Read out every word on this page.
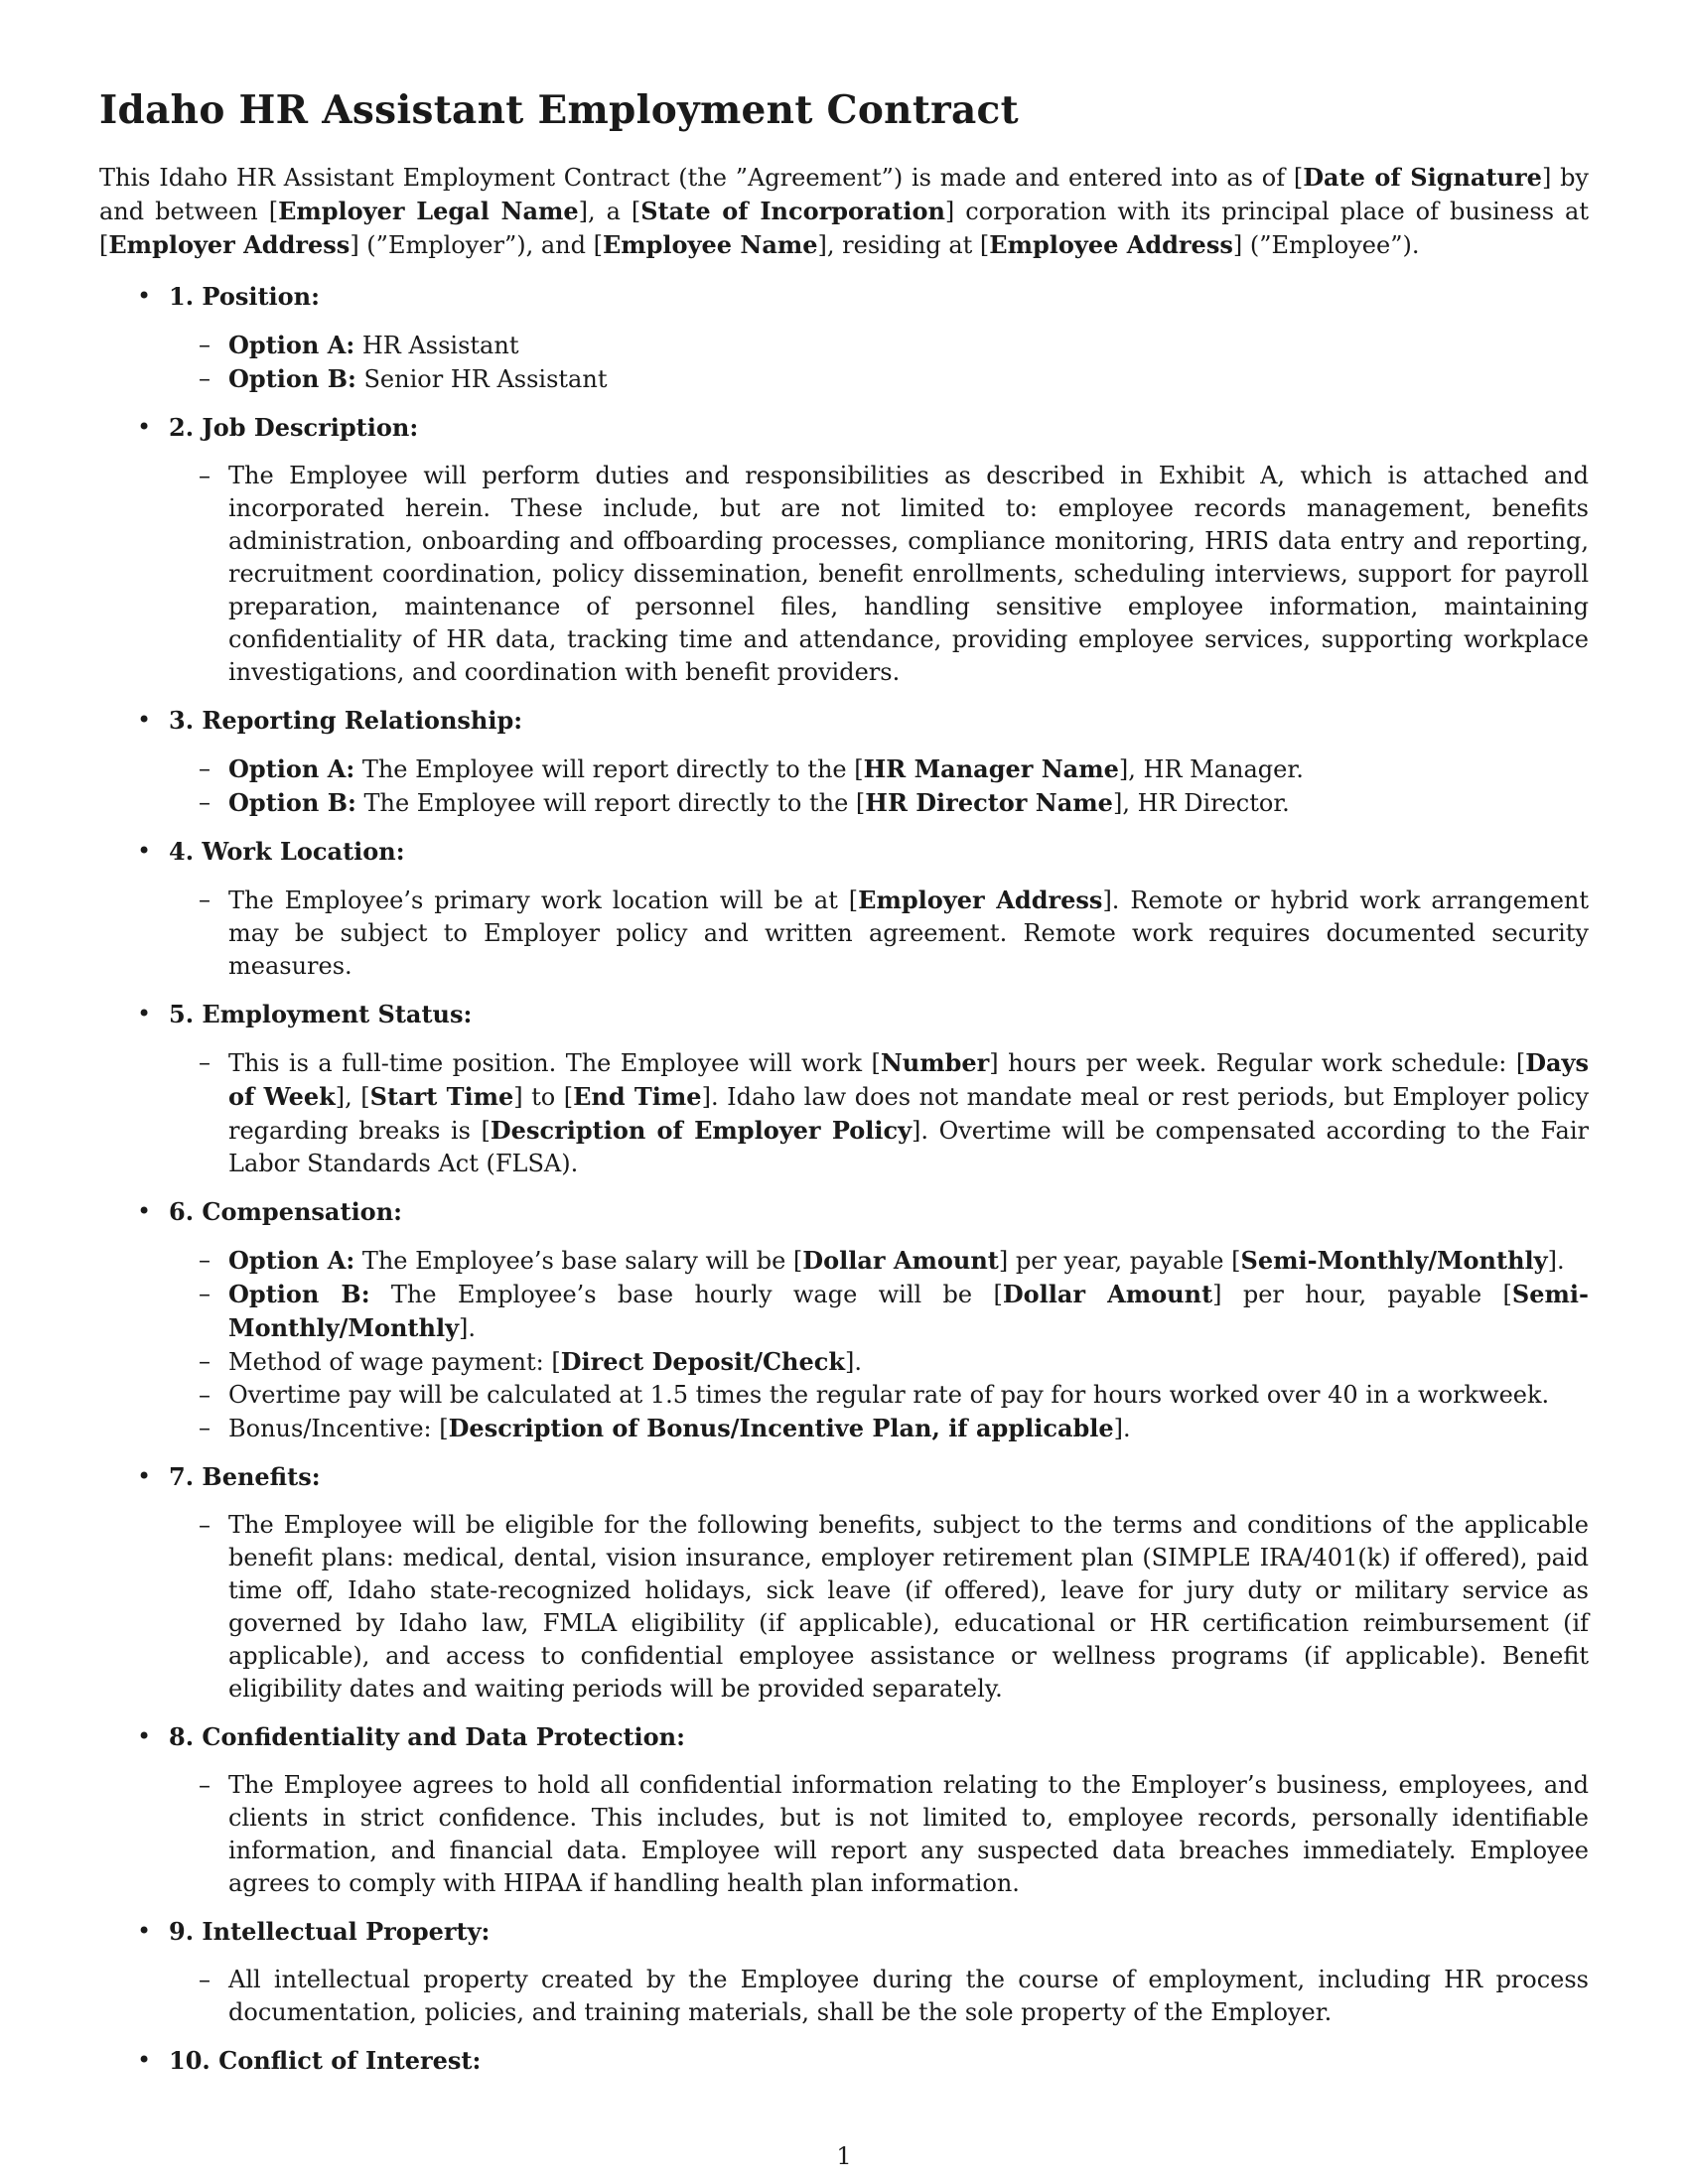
Idaho HR Assistant Employment Contract

This Idaho HR Assistant Employment Contract (the ”Agreement”) is made and entered into as of [Date of Signature] by and between [Employer Legal Name], a [State of Incorporation] corporation with its principal place of business at [Employer Address] (”Employer”), and [Employee Name], residing at [Employee Address] (”Employee”).

• 1. Position:
– Option A: HR Assistant
– Option B: Senior HR Assistant
• 2. Job Description:
– The Employee will perform duties and responsibilities as described in Exhibit A, which is attached and incorporated herein. These include, but are not limited to: employee records management, benefits administration, onboarding and offboarding processes, compliance monitoring, HRIS data entry and reporting, recruitment coordination, policy dissemination, benefit enrollments, scheduling interviews, support for payroll preparation, maintenance of personnel files, handling sensitive employee information, maintaining confidentiality of HR data, tracking time and attendance, providing employee services, supporting workplace investigations, and coordination with benefit providers.
• 3. Reporting Relationship:
– Option A: The Employee will report directly to the [HR Manager Name], HR Manager.
– Option B: The Employee will report directly to the [HR Director Name], HR Director.
• 4. Work Location:
– The Employee’s primary work location will be at [Employer Address]. Remote or hybrid work arrangement may be subject to Employer policy and written agreement. Remote work requires documented security measures.
• 5. Employment Status:
– This is a full-time position. The Employee will work [Number] hours per week. Regular work schedule: [Days of Week], [Start Time] to [End Time]. Idaho law does not mandate meal or rest periods, but Employer policy regarding breaks is [Description of Employer Policy]. Overtime will be compensated according to the Fair Labor Standards Act (FLSA).
• 6. Compensation:
– Option A: The Employee’s base salary will be [Dollar Amount] per year, payable [Semi-Monthly/Monthly].
– Option B: The Employee’s base hourly wage will be [Dollar Amount] per hour, payable [Semi-Monthly/Monthly].
– Method of wage payment: [Direct Deposit/Check].
– Overtime pay will be calculated at 1.5 times the regular rate of pay for hours worked over 40 in a workweek.
– Bonus/Incentive: [Description of Bonus/Incentive Plan, if applicable].
• 7. Benefits:
– The Employee will be eligible for the following benefits, subject to the terms and conditions of the applicable benefit plans: medical, dental, vision insurance, employer retirement plan (SIMPLE IRA/401(k) if offered), paid time off, Idaho state-recognized holidays, sick leave (if offered), leave for jury duty or military service as governed by Idaho law, FMLA eligibility (if applicable), educational or HR certification reimbursement (if applicable), and access to confidential employee assistance or wellness programs (if applicable). Benefit eligibility dates and waiting periods will be provided separately.
• 8. Confidentiality and Data Protection:
– The Employee agrees to hold all confidential information relating to the Employer’s business, employees, and clients in strict confidence. This includes, but is not limited to, employee records, personally identifiable information, and financial data. Employee will report any suspected data breaches immediately. Employee agrees to comply with HIPAA if handling health plan information.
• 9. Intellectual Property:
– All intellectual property created by the Employee during the course of employment, including HR process documentation, policies, and training materials, shall be the sole property of the Employer.
• 10. Conflict of Interest:
1
